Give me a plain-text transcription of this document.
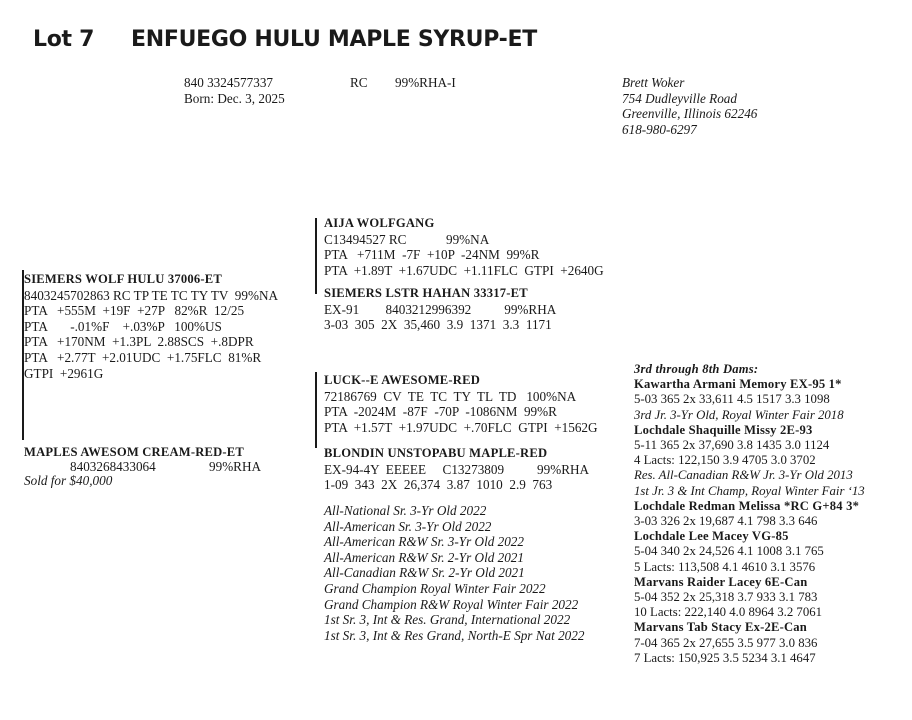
Lot 7 ENFUEGO HULU MAPLE SYRUP-ET
840 3324577337	RC 99%RHA-I
Born: Dec. 3, 2025
Brett Woker
754 Dudleyville Road
Greenville, Illinois 62246
618-980-6297
SIEMERS WOLF HULU 37006-ET
8403245702863 RC TP TE TC TY TV  99%NA
PTA   +555M  +19F  +27P   82%R  12/25
PTA       -.01%F    +.03%P   100%US
PTA   +170NM  +1.3PL  2.88SCS  +.8DPR
PTA   +2.77T  +2.01UDC  +1.75FLC  81%R
GTPI  +2961G
AIJA WOLFGANG
C13494527 RC            99%NA
PTA   +711M  -7F  +10P  -24NM  99%R
PTA  +1.89T  +1.67UDC  +1.11FLC  GTPI  +2640G
SIEMERS LSTR HAHAN 33317-ET
EX-91        8403212996392          99%RHA
3-03  305  2X  35,460  3.9  1371  3.3  1171
MAPLES AWESOM CREAM-RED-ET
8403268433064	99%RHA
Sold for $40,000
LUCK--E AWESOME-RED
72186769  CV  TE  TC  TY  TL  TD   100%NA
PTA  -2024M  -87F  -70P  -1086NM  99%R
PTA  +1.57T  +1.97UDC  +.70FLC  GTPI  +1562G
BLONDIN UNSTOPABU MAPLE-RED
EX-94-4Y  EEEEE     C13273809          99%RHA
1-09  343  2X  26,374  3.87  1010  2.9  763
All-National Sr. 3-Yr Old 2022
All-American Sr. 3-Yr Old 2022
All-American R&W Sr. 3-Yr Old 2022
All-American R&W Sr. 2-Yr Old 2021
All-Canadian R&W Sr. 2-Yr Old 2021
Grand Champion Royal Winter Fair 2022
Grand Champion R&W Royal Winter Fair 2022
1st Sr. 3, Int & Res. Grand, International 2022
1st Sr. 3, Int & Res Grand, North-E Spr Nat 2022
3rd through 8th Dams:
Kawartha Armani Memory EX-95 1*
5-03 365 2x 33,611 4.5 1517 3.3 1098
3rd Jr. 3-Yr Old, Royal Winter Fair 2018
Lochdale Shaquille Missy 2E-93
5-11 365 2x 37,690 3.8 1435 3.0 1124
4 Lacts: 122,150 3.9 4705 3.0 3702
Res. All-Canadian R&W Jr. 3-Yr Old 2013
1st Jr. 3 & Int Champ, Royal Winter Fair ‘13
Lochdale Redman Melissa *RC G+84 3*
3-03 326 2x 19,687 4.1 798 3.3 646
Lochdale Lee Macey VG-85
5-04 340 2x 24,526 4.1 1008 3.1 765
5 Lacts: 113,508 4.1 4610 3.1 3576
Marvans Raider Lacey 6E-Can
5-04 352 2x 25,318 3.7 933 3.1 783
10 Lacts: 222,140 4.0 8964 3.2 7061
Marvans Tab Stacy Ex-2E-Can
7-04 365 2x 27,655 3.5 977 3.0 836
7 Lacts: 150,925 3.5 5234 3.1 4647
